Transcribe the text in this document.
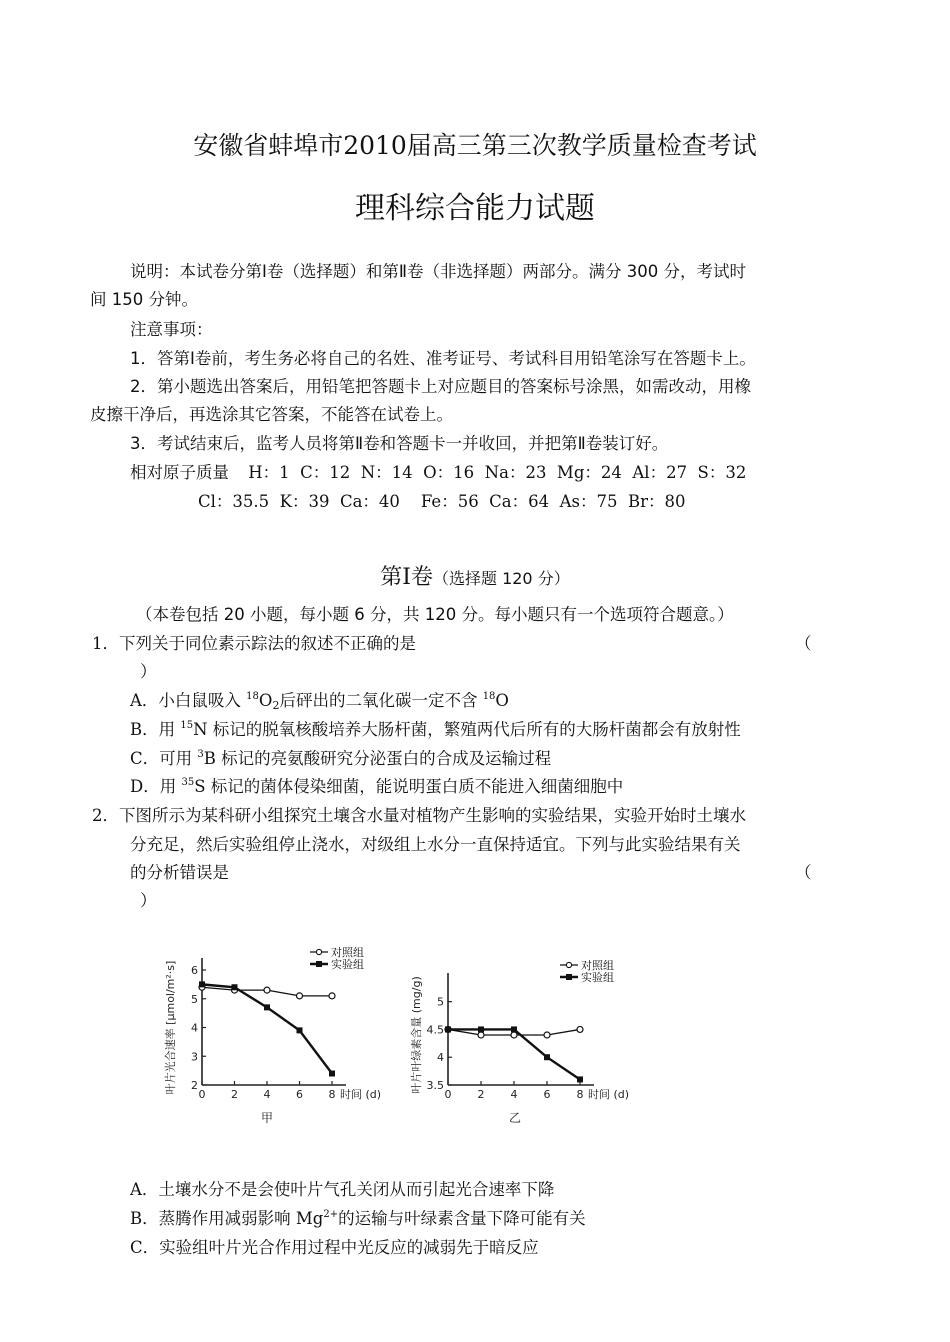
安徽省蚌埠市2010届高三第三次教学质量检查考试
理科综合能力试题
说明：本试卷分第Ⅰ卷（选择题）和第Ⅱ卷（非选择题）两部分。满分 300 分，考试时
间 150 分钟。
注意事项：
1．答第Ⅰ卷前，考生务必将自己的名姓、准考证号、考试科目用铅笔涂写在答题卡上。
2．第小题选出答案后，用铅笔把答题卡上对应题目的答案标号涂黑，如需改动，用橡
皮擦干净后，再选涂其它答案，不能答在试卷上。
3．考试结束后，监考人员将第Ⅱ卷和答题卡一并收回，并把第Ⅱ卷装订好。
相对原子质量 H：1  C：12  N：14  O：16  Na：23  Mg：24  Al：27  S：32
Cl：35.5  K：39  Ca：40    Fe：56  Ca：64  As：75  Br：80
第Ⅰ卷（选择题 120 分）
（本卷包括 20 小题，每小题 6 分，共 120 分。每小题只有一个选项符合题意。）
1．下列关于同位素示踪法的叙述不正确的是	（
）
A．小白鼠吸入 $^{18}O_2$后砰出的二氧化碳一定不含 $^{18}$O
B．用 $^{15}$N 标记的脱氧核酸培养大肠杆菌，繁殖两代后所有的大肠杆菌都会有放射性
C．可用 $^3$B 标记的亮氨酸研究分泌蛋白的合成及运输过程
D．用 $^{35}$S 标记的菌体侵染细菌，能说明蛋白质不能进入细菌细胞中
2．下图所示为某科研小组探究土壤含水量对植物产生影响的实验结果，实验开始时土壤水
分充足，然后实验组停止浇水，对级组上水分一直保持适宜。下列与此实验结果有关
的分析错误是	（
）
2
3
4
5
6
0 2 4 6 8 时间 (d)
叶片光合速率 [μmol/m²·s]
甲
对照组
实验组
3.5
4
4.5
5
0 2 4 6 8 时间 (d)
叶片叶绿素含量 (mg/g)
乙
对照组
实验组
A．土壤水分不是会使叶片气孔关闭从而引起光合速率下降
B．蒸腾作用减弱影响 $Mg^{2+}$的运输与叶绿素含量下降可能有关
C．实验组叶片光合作用过程中光反应的减弱先于暗反应
